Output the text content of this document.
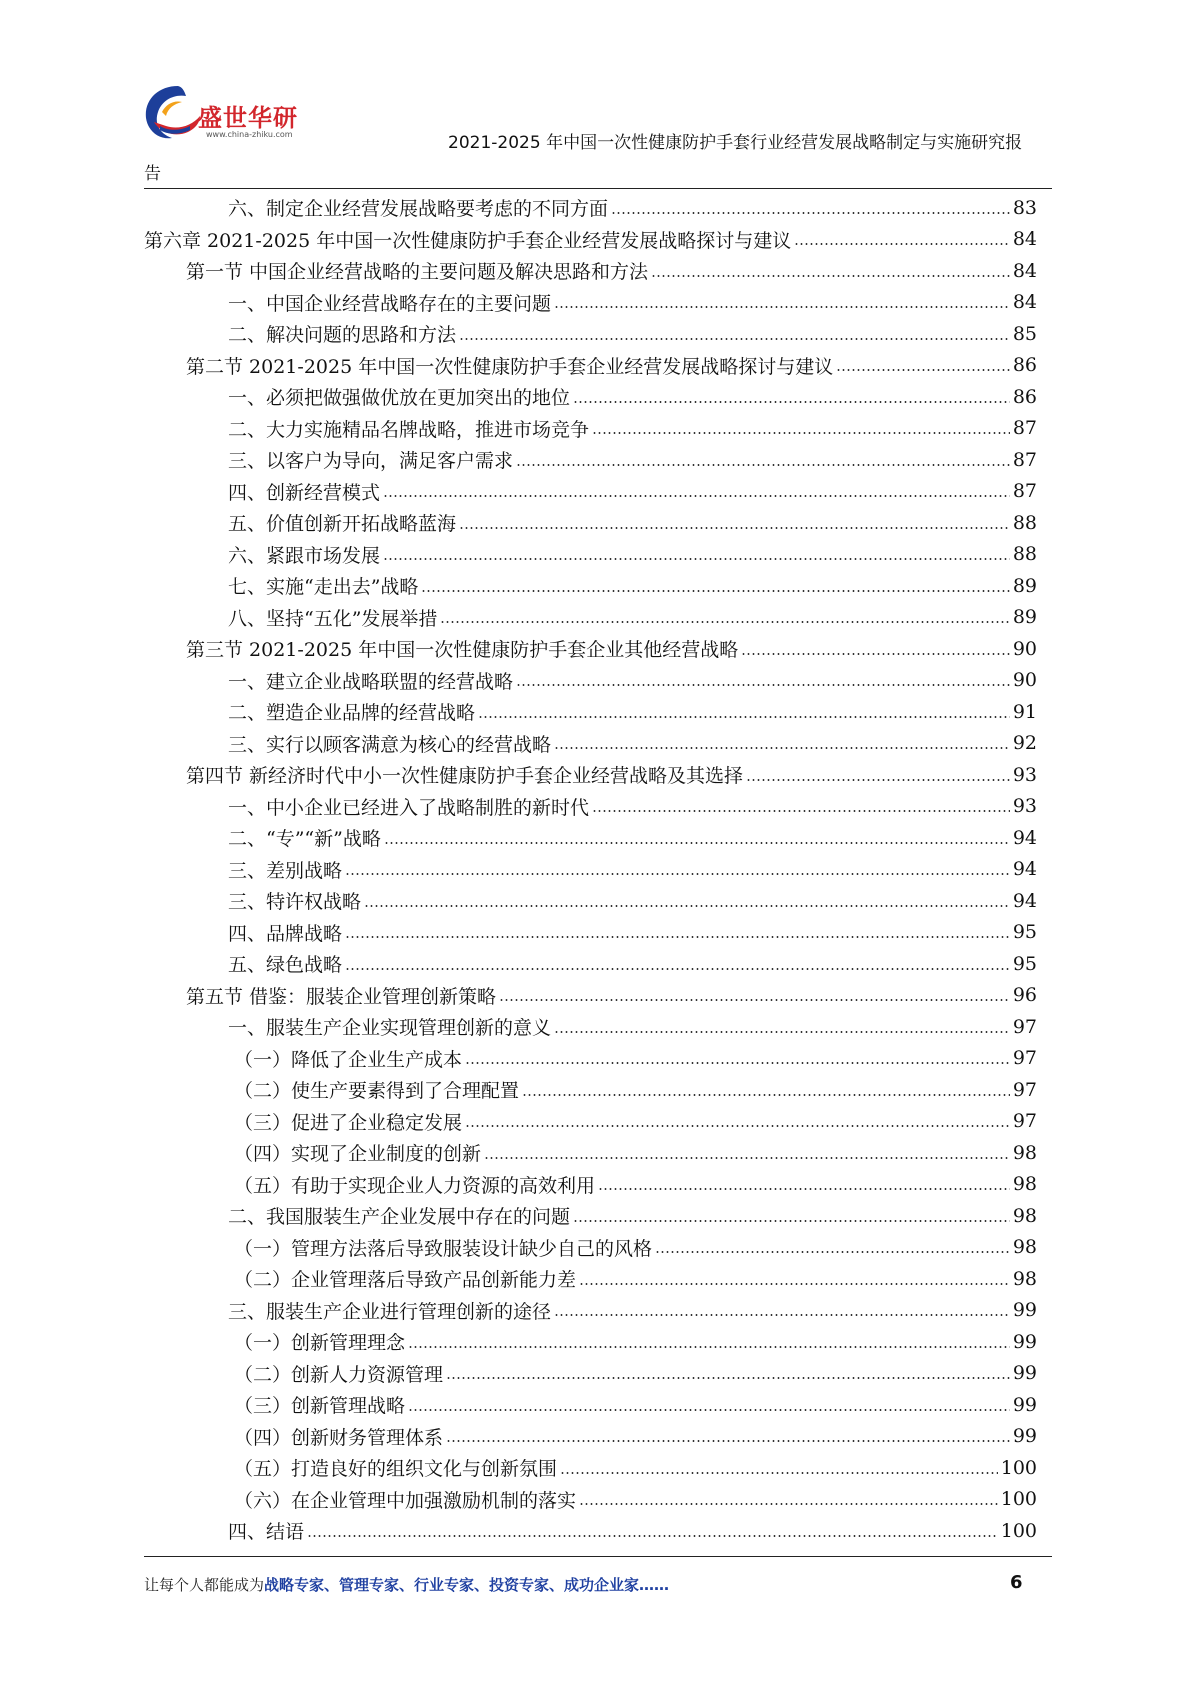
盛世华研
www.china-zhiku.com	2021-2025 年中国一次性健康防护手套行业经营发展战略制定与实施研究报
告
六、制定企业经营发展战略要考虑的不同方面	83
第六章 2021-2025 年中国一次性健康防护手套企业经营发展战略探讨与建议	84
第一节 中国企业经营战略的主要问题及解决思路和方法	84
一、中国企业经营战略存在的主要问题	84
二、解决问题的思路和方法	85
第二节 2021-2025 年中国一次性健康防护手套企业经营发展战略探讨与建议	86
一、必须把做强做优放在更加突出的地位	86
二、大力实施精品名牌战略，推进市场竞争	87
三、以客户为导向，满足客户需求	87
四、创新经营模式	87
五、价值创新开拓战略蓝海	88
六、紧跟市场发展	88
七、实施“走出去”战略	89
八、坚持“五化”发展举措	89
第三节 2021-2025 年中国一次性健康防护手套企业其他经营战略	90
一、建立企业战略联盟的经营战略	90
二、塑造企业品牌的经营战略	91
三、实行以顾客满意为核心的经营战略	92
第四节 新经济时代中小一次性健康防护手套企业经营战略及其选择	93
一、中小企业已经进入了战略制胜的新时代	93
二、“专”“新”战略	94
三、差别战略	94
三、特许权战略	94
四、品牌战略	95
五、绿色战略	95
第五节 借鉴：服装企业管理创新策略	96
一、服装生产企业实现管理创新的意义	97
（一）降低了企业生产成本	97
（二）使生产要素得到了合理配置	97
（三）促进了企业稳定发展	97
（四）实现了企业制度的创新	98
（五）有助于实现企业人力资源的高效利用	98
二、我国服装生产企业发展中存在的问题	98
（一）管理方法落后导致服装设计缺少自己的风格	98
（二）企业管理落后导致产品创新能力差	98
三、服装生产企业进行管理创新的途径	99
（一）创新管理理念	99
（二）创新人力资源管理	99
（三）创新管理战略	99
（四）创新财务管理体系	99
（五）打造良好的组织文化与创新氛围	100
（六）在企业管理中加强激励机制的落实	100
四、结语	100
让每个人都能成为战略专家、管理专家、行业专家、投资专家、成功企业家……	6
